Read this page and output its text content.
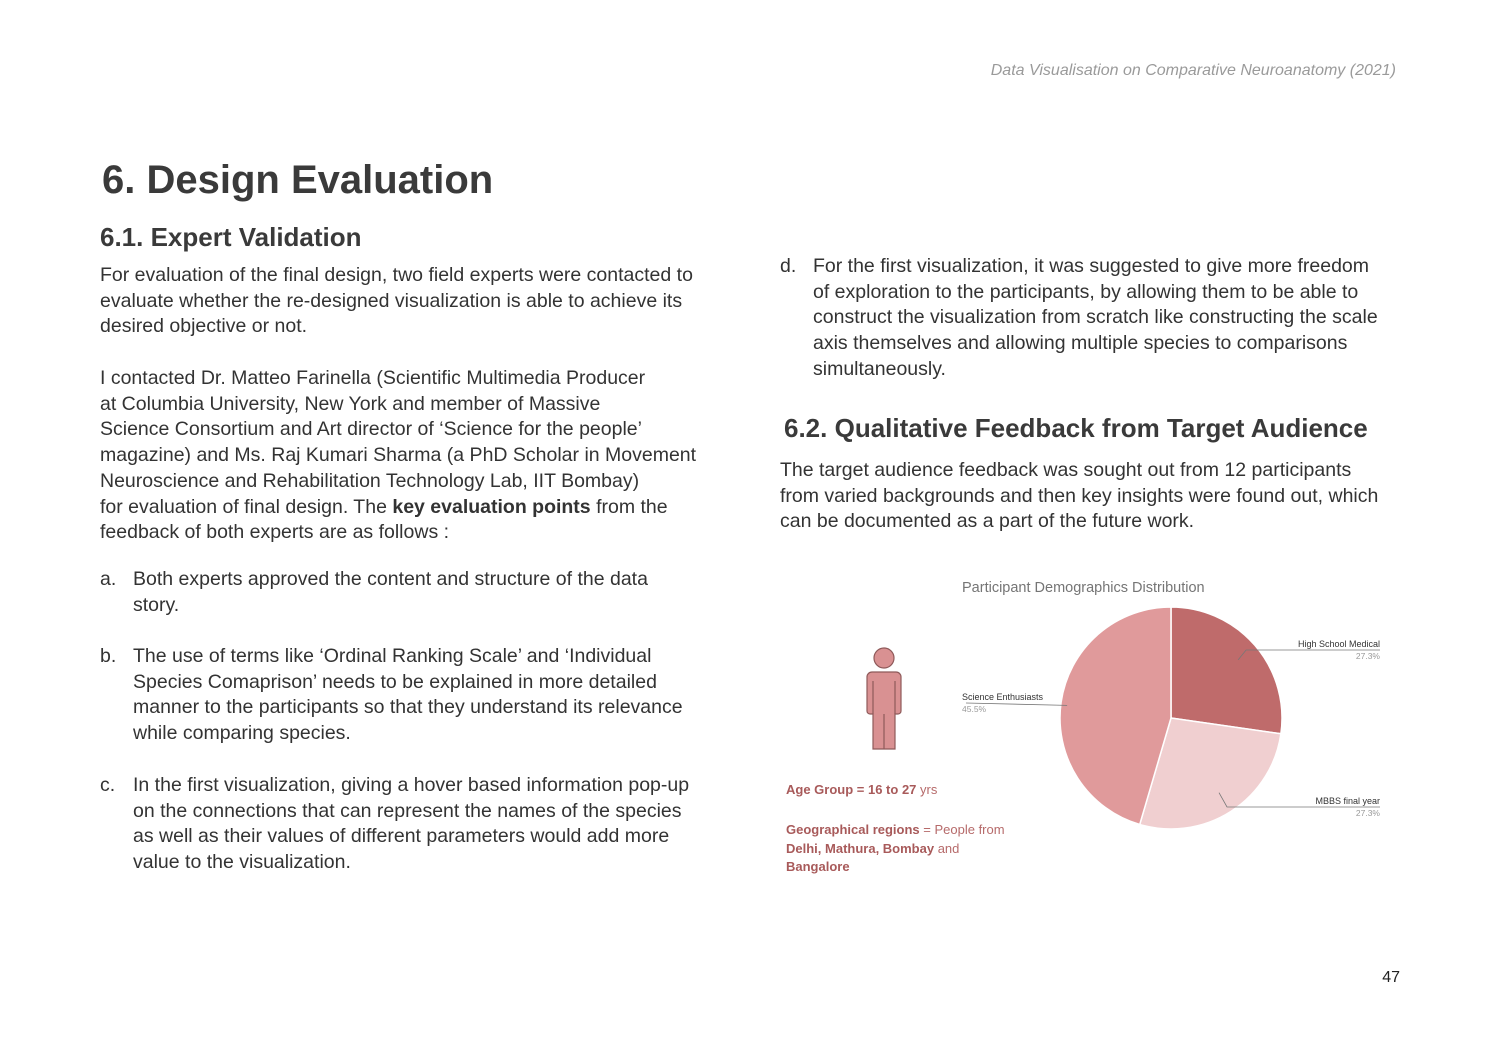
Data Visualisation on Comparative Neuroanatomy (2021)
6. Design Evaluation
6.1. Expert Validation

For evaluation of the final design, two field experts were contacted to
evaluate whether the re-designed visualization is able to achieve its
desired objective or not.

I contacted Dr. Matteo Farinella (Scientific Multimedia Producer
at Columbia University, New York and member of Massive
Science Consortium and Art director of ‘Science for the people’
magazine) and Ms. Raj Kumari Sharma (a PhD Scholar in Movement
Neuroscience and Rehabilitation Technology Lab, IIT Bombay)
for evaluation of final design. The key evaluation points from the
feedback of both experts are as follows :

a. Both experts approved the content and structure of the data
story.
b. The use of terms like ‘Ordinal Ranking Scale’ and ‘Individual
Species Comaprison’ needs to be explained in more detailed
manner to the participants so that they understand its relevance
while comparing species.
c. In the first visualization, giving a hover based information pop-up
on the connections that can represent the names of the species
as well as their values of different parameters would add more
value to the visualization.
d. For the first visualization, it was suggested to give more freedom
of exploration to the participants, by allowing them to be able to
construct the visualization from scratch like constructing the scale
axis themselves and allowing multiple species to comparisons
simultaneously.
6.2. Qualitative Feedback from Target Audience

The target audience feedback was sought out from 12 participants
from varied backgrounds and then key insights were found out, which
can be documented as a part of the future work.

Participant Demographics Distribution
Age Group = 16 to 27 yrs
Geographical regions = People from
Delhi, Mathura, Bombay and
Bangalore
High School Medical
27.3%
MBBS final year
27.3%
Science Enthusiasts
45.5%
47
